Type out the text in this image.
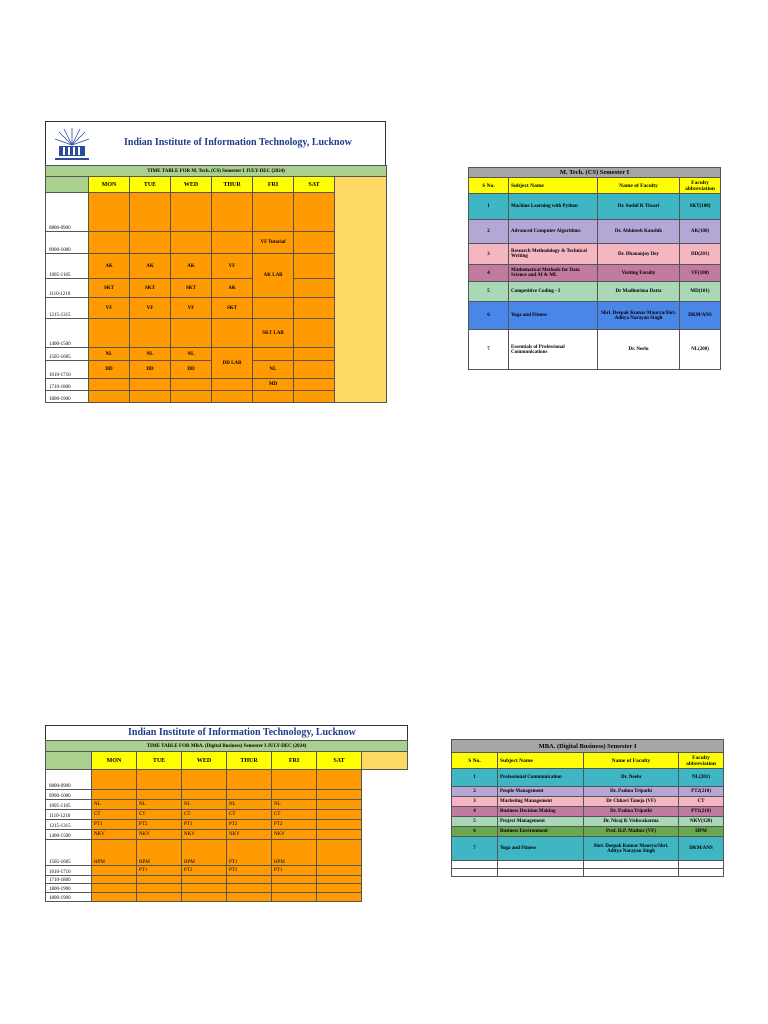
Indian Institute of Information Technology, Lucknow
TIME TABLE FOR M. Tech. (CS) Semester I JULY-DEC (2024)							
	MON	TUE	WED	THUR	FRI	SAT	
0800-0900							
0900-1000					VF Tutorial		
1005-1105	AK	AK	AK	VF	AK LAB		
1110-1210	SKT	SKT	SKT	AK			
1215-1315	VF	VF	VF	SKT			
1400-1500					SKT LAB		
1505-1605	NL	NL	NL	DD LAB			
1610-1710	DD	DD	DD		NL		
1710-1800					MD		
1800-1900							
M. Tech. (CS) Semester I			
S No.	Subject Name	Name of Faculty	Faculty abbreviation
1	Machine Learning with Python	Dr. Sushil K Tiwari	SKT(108)
2	Advanced Computer Algorithms	Dr. Abhinesh Kaushik	AK(108)
3	Research Methodology & Technical Writing	Dr. Dhananjoy Dey	DD(201)
4	Mathematical Methods for Data Science and AI & ML	Visiting Faculty	VF(108)
5	Competitive Coding - I	Dr Madhurima Datta	MD(101)
6	Yoga and Fitness	Shri. Deepak Kumar Maurya/Shri. Aditya Narayan Singh	DKM/ANS
7	Essentials of Professional Communications	Dr. Neelu	NL(208)
Indian Institute of Information Technology, Lucknow
TIME TABLE FOR MBA. (Digital Business) Semester I JULY-DEC (2024)							
	MON	TUE	WED	THUR	FRI	SAT	
0800-0900							
0900-1000							
1005-1105	NL	NL	NL	NL	NL		
1110-1210	CT	CT	CT	CT	CT		
1215-1315	PT1	PT2	PT1	PT2	PT2		
1400-1500	NKV	NKV	NKV	NKV	NKV		
1505-1605	HPM	HPM	HPM	PT1	HPM		
1610-1710		PT1	PT2	PT2	PT1		
1710-1800							
1800-1900							
1800-1900							
MBA. (Digital Business) Semester I			
S No.	Subject Name	Name of Faculty	Faculty abbreviation
1	Professional Communication	Dr. Neelu	NL(201)
2	People Management	Dr. Padma Tripathi	PT2(210)
3	Marketing Management	Dr Chhavi Taneja (VF)	CT
4	Business Decision Making	Dr. Padma Tripathi	PT1(210)
5	Project Management	Dr. Niraj K Vishwakarma	NKV(120)
6	Business Environment	Prof. H.P. Mathur (VF)	HPM
7	Yoga and Fitness	Shri. Deepak Kumar Maurya/Shri. Aditya Narayan Singh	DKM/ANS
